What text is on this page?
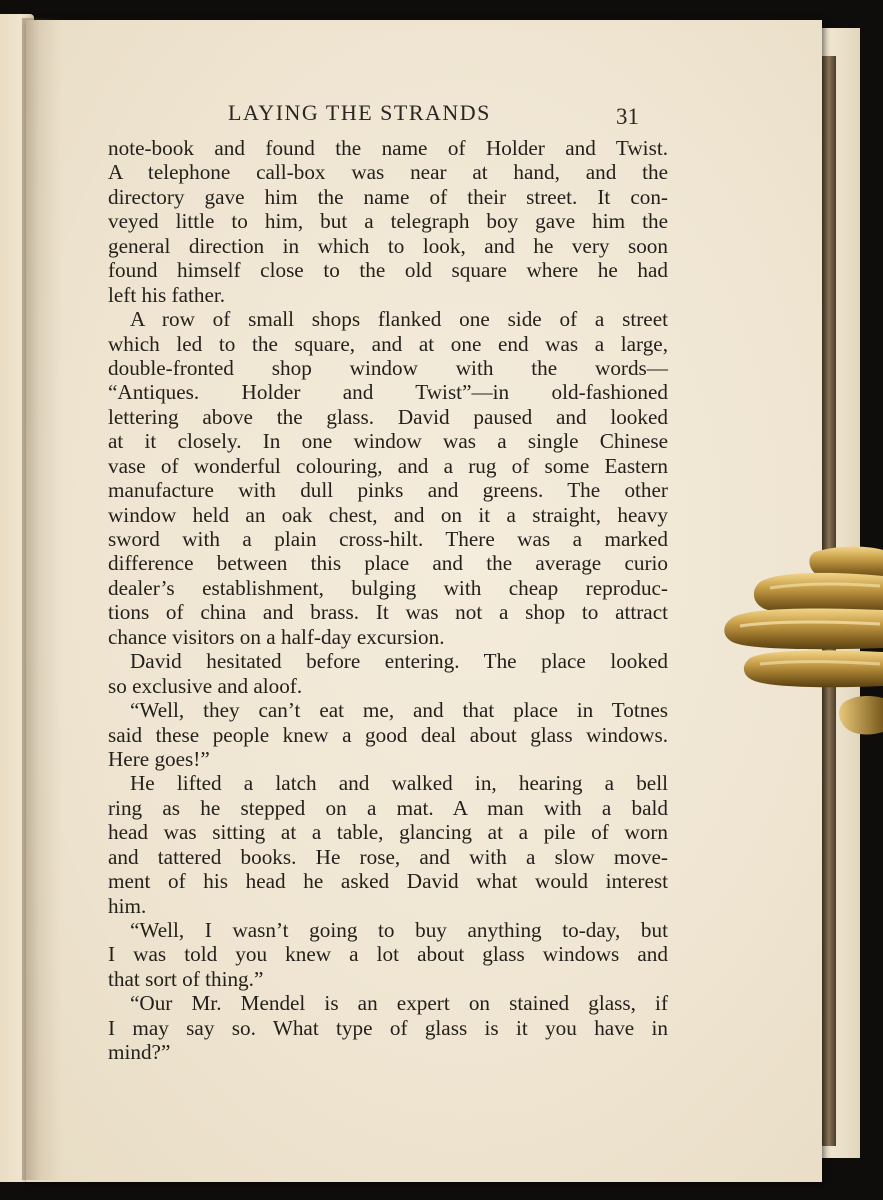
LAYING THE STRANDS	31
note-book and found the name of Holder and Twist.
A telephone call-box was near at hand, and the
directory gave him the name of their street. It con-
veyed little to him, but a telegraph boy gave him the
general direction in which to look, and he very soon
found himself close to the old square where he had
left his father.
A row of small shops flanked one side of a street
which led to the square, and at one end was a large,
double-fronted shop window with the words—
“Antiques. Holder and Twist”—in old-fashioned
lettering above the glass. David paused and looked
at it closely. In one window was a single Chinese
vase of wonderful colouring, and a rug of some Eastern
manufacture with dull pinks and greens. The other
window held an oak chest, and on it a straight, heavy
sword with a plain cross-hilt. There was a marked
difference between this place and the average curio
dealer’s establishment, bulging with cheap reproduc-
tions of china and brass. It was not a shop to attract
chance visitors on a half-day excursion.
David hesitated before entering. The place looked
so exclusive and aloof.
“Well, they can’t eat me, and that place in Totnes
said these people knew a good deal about glass windows.
Here goes!”
He lifted a latch and walked in, hearing a bell
ring as he stepped on a mat. A man with a bald
head was sitting at a table, glancing at a pile of worn
and tattered books. He rose, and with a slow move-
ment of his head he asked David what would interest
him.
“Well, I wasn’t going to buy anything to-day, but
I was told you knew a lot about glass windows and
that sort of thing.”
“Our Mr. Mendel is an expert on stained glass, if
I may say so. What type of glass is it you have in
mind?”
